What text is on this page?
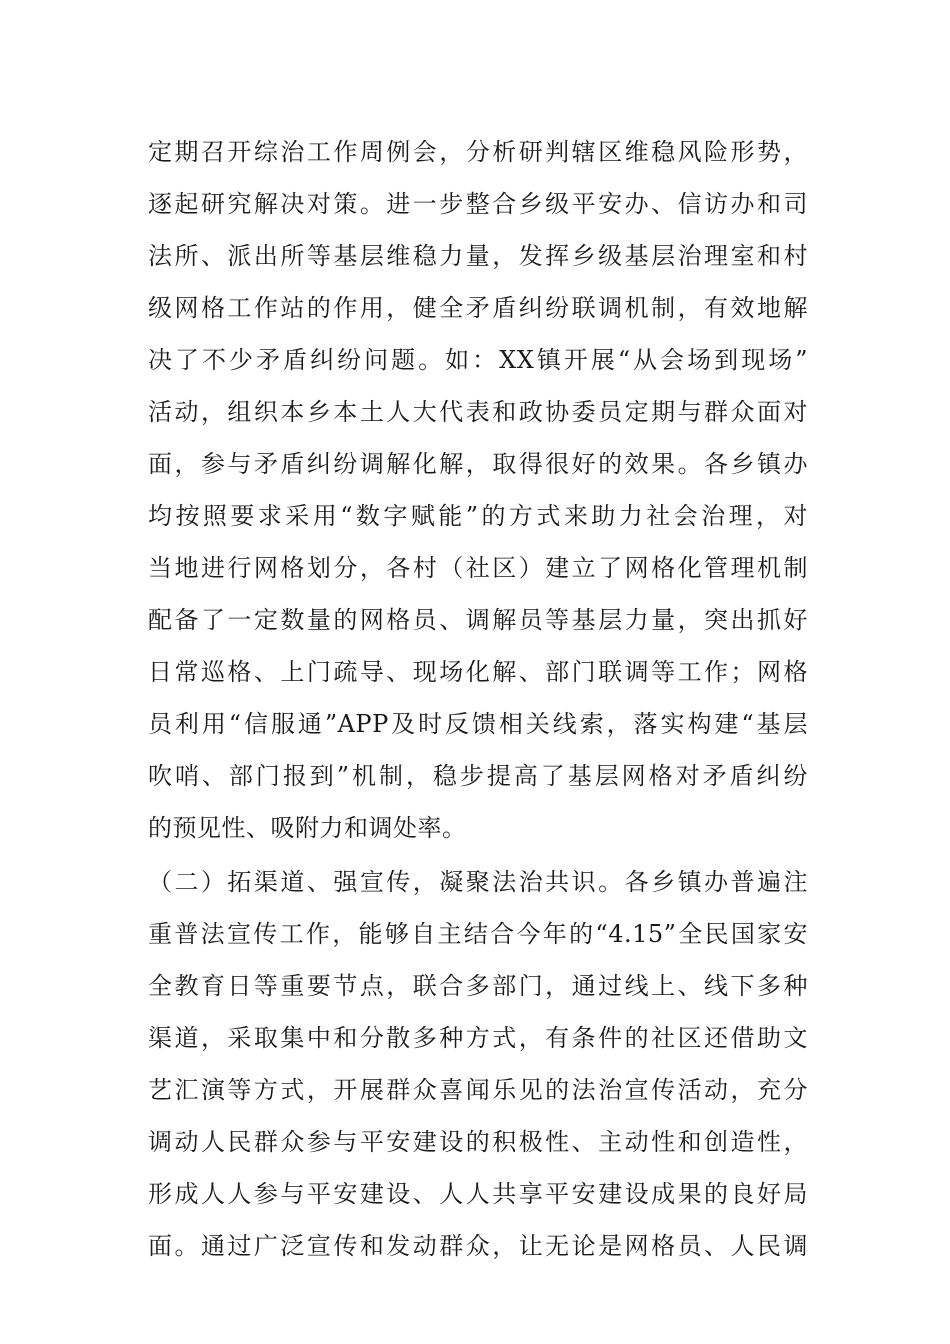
定期召开综治工作周例会，分析研判辖区维稳风险形势，
逐起研究解决对策。进一步整合乡级平安办、信访办和司
法所、派出所等基层维稳力量，发挥乡级基层治理室和村
级网格工作站的作用，健全矛盾纠纷联调机制，有效地解
决了不少矛盾纠纷问题。如：XX镇开展“从会场到现场”
活动，组织本乡本土人大代表和政协委员定期与群众面对
面，参与矛盾纠纷调解化解，取得很好的效果。各乡镇办
均按照要求采用“数字赋能”的方式来助力社会治理，对
当地进行网格划分，各村（社区）建立了网格化管理机制
配备了一定数量的网格员、调解员等基层力量，突出抓好
日常巡格、上门疏导、现场化解、部门联调等工作；网格
员利用“信服通”APP及时反馈相关线索，落实构建“基层
吹哨、部门报到”机制，稳步提高了基层网格对矛盾纠纷
的预见性、吸附力和调处率。
（二）拓渠道、强宣传，凝聚法治共识。各乡镇办普遍注
重普法宣传工作，能够自主结合今年的“4.15”全民国家安
全教育日等重要节点，联合多部门，通过线上、线下多种
渠道，采取集中和分散多种方式，有条件的社区还借助文
艺汇演等方式，开展群众喜闻乐见的法治宣传活动，充分
调动人民群众参与平安建设的积极性、主动性和创造性，
形成人人参与平安建设、人人共享平安建设成果的良好局
面。通过广泛宣传和发动群众，让无论是网格员、人民调
